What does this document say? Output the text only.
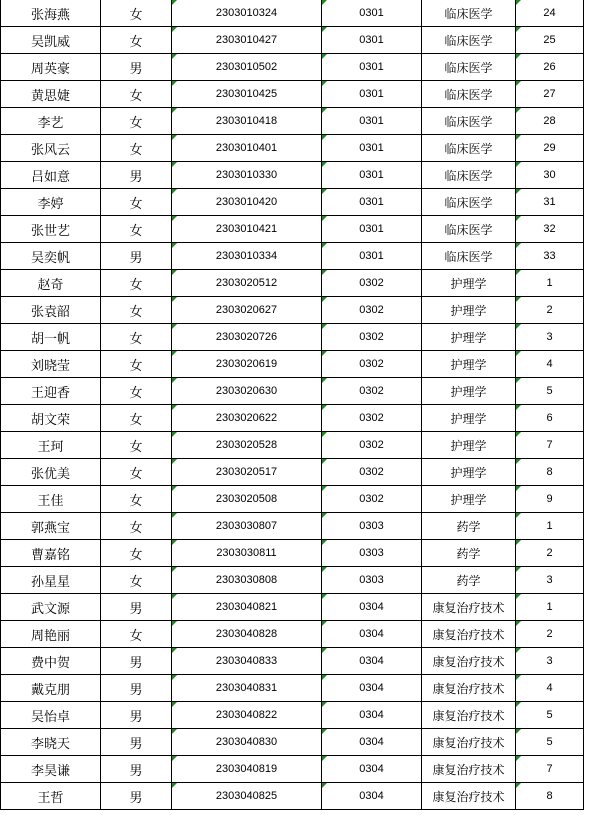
张海燕	女	2303010324	0301	临床医学	24
吴凯威	女	2303010427	0301	临床医学	25
周英豪	男	2303010502	0301	临床医学	26
黄思婕	女	2303010425	0301	临床医学	27
李艺	女	2303010418	0301	临床医学	28
张风云	女	2303010401	0301	临床医学	29
吕如意	男	2303010330	0301	临床医学	30
李婷	女	2303010420	0301	临床医学	31
张世艺	女	2303010421	0301	临床医学	32
吴奕帆	男	2303010334	0301	临床医学	33
赵奇	女	2303020512	0302	护理学	1
张袁韶	女	2303020627	0302	护理学	2
胡一帆	女	2303020726	0302	护理学	3
刘晓莹	女	2303020619	0302	护理学	4
王迎香	女	2303020630	0302	护理学	5
胡文荣	女	2303020622	0302	护理学	6
王珂	女	2303020528	0302	护理学	7
张优美	女	2303020517	0302	护理学	8
王佳	女	2303020508	0302	护理学	9
郭燕宝	女	2303030807	0303	药学	1
曹嘉铭	女	2303030811	0303	药学	2
孙星星	女	2303030808	0303	药学	3
武文源	男	2303040821	0304	康复治疗技术	1
周艳丽	女	2303040828	0304	康复治疗技术	2
费中贺	男	2303040833	0304	康复治疗技术	3
戴克朋	男	2303040831	0304	康复治疗技术	4
吴怡卓	男	2303040822	0304	康复治疗技术	5
李晓天	男	2303040830	0304	康复治疗技术	5
李昊谦	男	2303040819	0304	康复治疗技术	7
王哲	男	2303040825	0304	康复治疗技术	8
